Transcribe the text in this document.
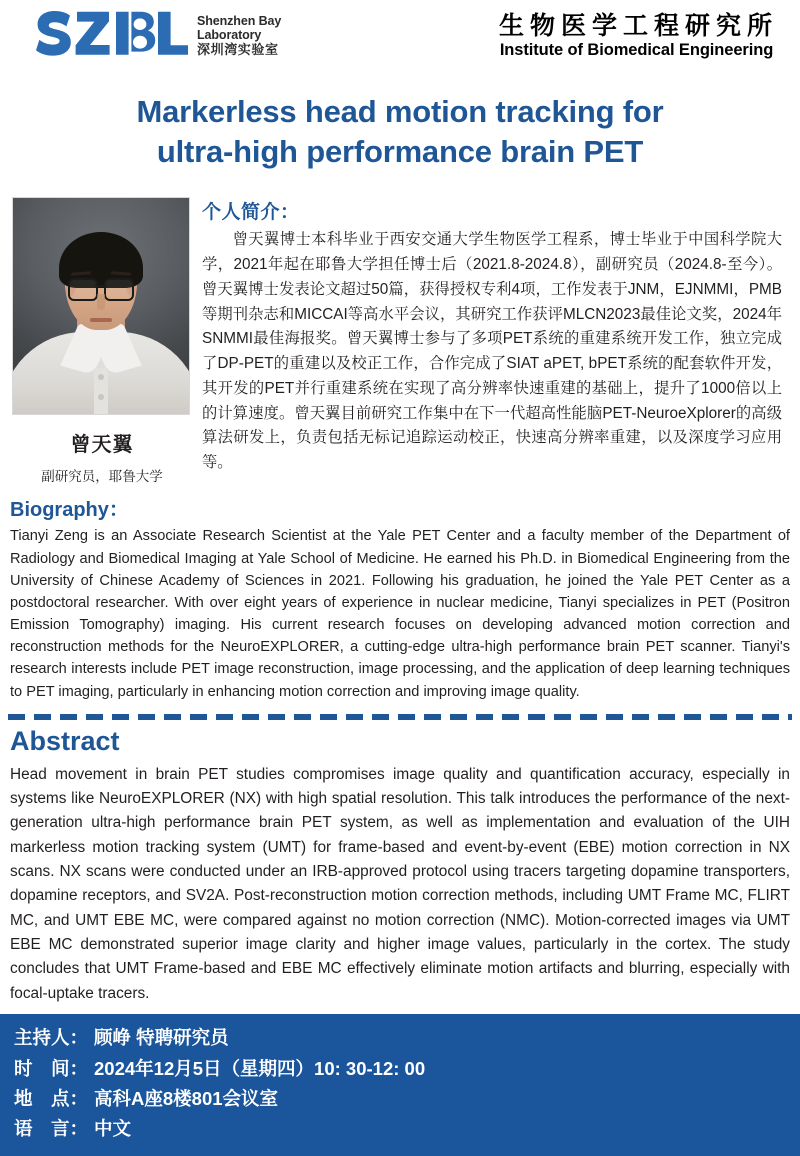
Shenzhen Bay
Laboratory
深圳湾实验室
生物医学工程研究所
Institute of Biomedical Engineering
Markerless head motion tracking for
ultra-high performance brain PET
曾天翼
副研究员，耶鲁大学
个人简介：
曾天翼博士本科毕业于西安交通大学生物医学工程系，博士毕业于中国科学院大学，2021年起在耶鲁大学担任博士后（2021.8-2024.8），副研究员（2024.8-至今）。曾天翼博士发表论文超过50篇，获得授权专利4项，工作发表于JNM，EJNMMI，PMB等期刊杂志和MICCAI等高水平会议，其研究工作获评MLCN2023最佳论文奖，2024年SNMMI最佳海报奖。曾天翼博士参与了多项PET系统的重建系统开发工作，独立完成了DP-PET的重建以及校正工作，合作完成了SIAT aPET, bPET系统的配套软件开发，其开发的PET并行重建系统在实现了高分辨率快速重建的基础上，提升了1000倍以上的计算速度。曾天翼目前研究工作集中在下一代超高性能脑PET-NeuroeXplorer的高级算法研发上，负责包括无标记追踪运动校正，快速高分辨率重建，以及深度学习应用等。
Biography：
Tianyi Zeng is an Associate Research Scientist at the Yale PET Center and a faculty member of the Department of Radiology and Biomedical Imaging at Yale School of Medicine. He earned his Ph.D. in Biomedical Engineering from the University of Chinese Academy of Sciences in 2021. Following his graduation, he joined the Yale PET Center as a postdoctoral researcher. With over eight years of experience in nuclear medicine, Tianyi specializes in PET (Positron Emission Tomography) imaging. His current research focuses on developing advanced motion correction and reconstruction methods for the NeuroEXPLORER, a cutting-edge ultra-high performance brain PET scanner. Tianyi's research interests include PET image reconstruction, image processing, and the application of deep learning techniques to PET imaging, particularly in enhancing motion correction and improving image quality.
Abstract
Head movement in brain PET studies compromises image quality and quantification accuracy, especially in systems like NeuroEXPLORER (NX) with high spatial resolution. This talk introduces the performance of the next-generation ultra-high performance brain PET system, as well as implementation and evaluation of the UIH markerless motion tracking system (UMT) for frame-based and event-by-event (EBE) motion correction in NX scans. NX scans were conducted under an IRB-approved protocol using tracers targeting dopamine transporters, dopamine receptors, and SV2A. Post-reconstruction motion correction methods, including UMT Frame MC, FLIRT MC, and UMT EBE MC, were compared against no motion correction (NMC). Motion-corrected images via UMT EBE MC demonstrated superior image clarity and higher image values, particularly in the cortex. The study concludes that UMT Frame-based and EBE MC effectively eliminate motion artifacts and blurring, especially with focal-uptake tracers.
主持人： 顾峥 特聘研究员
时　间： 2024年12月5日（星期四）10: 30-12: 00
地　点： 高科A座8楼801会议室
语　言： 中文
